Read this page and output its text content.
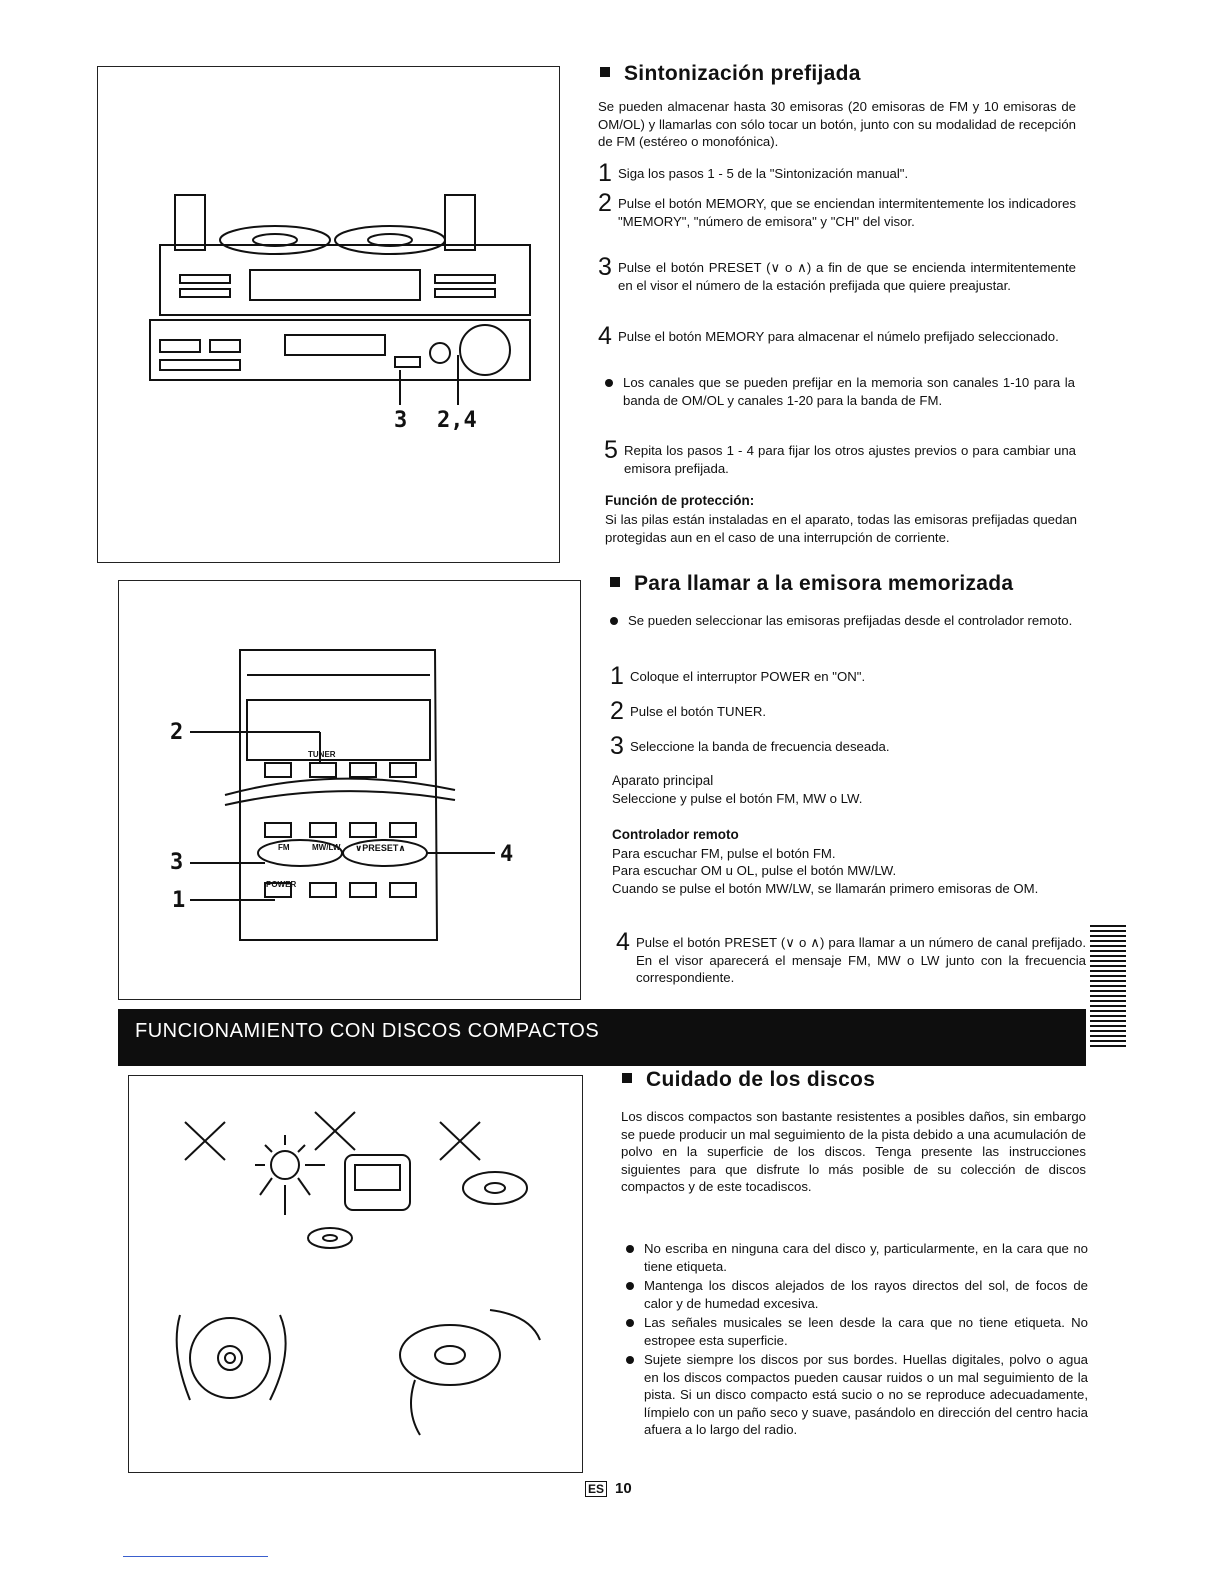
3 2,4
2
3
1
4
TUNER
FM	MW/LW ∨PRESET∧
POWER
Sintonización prefijada
Se pueden almacenar hasta 30 emisoras (20 emisoras de FM y 10 emisoras de OM/OL) y llamarlas con sólo tocar un botón, junto con su modalidad de recepción de FM (estéreo o monofónica).
1 Siga los pasos 1 - 5 de la "Sintonización manual".
2 Pulse el botón MEMORY, que se enciendan intermitentemente los indicadores "MEMORY", "número de emisora" y "CH" del visor.
3 Pulse el botón PRESET (∨ o ∧) a fin de que se encienda intermitentemente en el visor el número de la estación prefijada que quiere preajustar.
4 Pulse el botón MEMORY para almacenar el númelo prefijado seleccionado.
Los canales que se pueden prefijar en la memoria son canales 1-10 para la banda de OM/OL y canales 1-20 para la banda de FM.
5 Repita los pasos 1 - 4 para fijar los otros ajustes previos o para cambiar una emisora prefijada.
Función de protección:
Si las pilas están instaladas en el aparato, todas las emisoras prefijadas quedan protegidas aun en el caso de una interrupción de corriente.
Para llamar a la emisora memorizada
Se pueden seleccionar las emisoras prefijadas desde el controlador remoto.
1 Coloque el interruptor POWER en "ON".
2 Pulse el botón TUNER.
3 Seleccione la banda de frecuencia deseada.
Aparato principal
Seleccione y pulse el botón FM, MW o LW.
Controlador remoto
Para escuchar FM, pulse el botón FM.
Para escuchar OM u OL, pulse el botón MW/LW.
Cuando se pulse el botón MW/LW, se llamarán primero emisoras de OM.
4 Pulse el botón PRESET (∨ o ∧) para llamar a un número de canal prefijado. En el visor aparecerá el mensaje FM, MW o LW junto con la frecuencia correspondiente.
FUNCIONAMIENTO CON DISCOS COMPACTOS
Cuidado de los discos
Los discos compactos son bastante resistentes a posibles daños, sin embargo se puede producir un mal seguimiento de la pista debido a una acumulación de polvo en la superficie de los discos. Tenga presente las instrucciones siguientes para que disfrute lo más posible de su colección de discos compactos y de este tocadiscos.
No escriba en ninguna cara del disco y, particularmente, en la cara que no tiene etiqueta.
Mantenga los discos alejados de los rayos directos del sol, de focos de calor y de humedad excesiva.
Las señales musicales se leen desde la cara que no tiene etiqueta. No estropee esta superficie.
Sujete siempre los discos por sus bordes. Huellas digitales, polvo o agua en los discos compactos pueden causar ruidos o un mal seguimiento de la pista. Si un disco compacto está sucio o no se reproduce adecuadamente, límpielo con un paño seco y suave, pasándolo en dirección del centro hacia afuera a lo largo del radio.
ES 10
